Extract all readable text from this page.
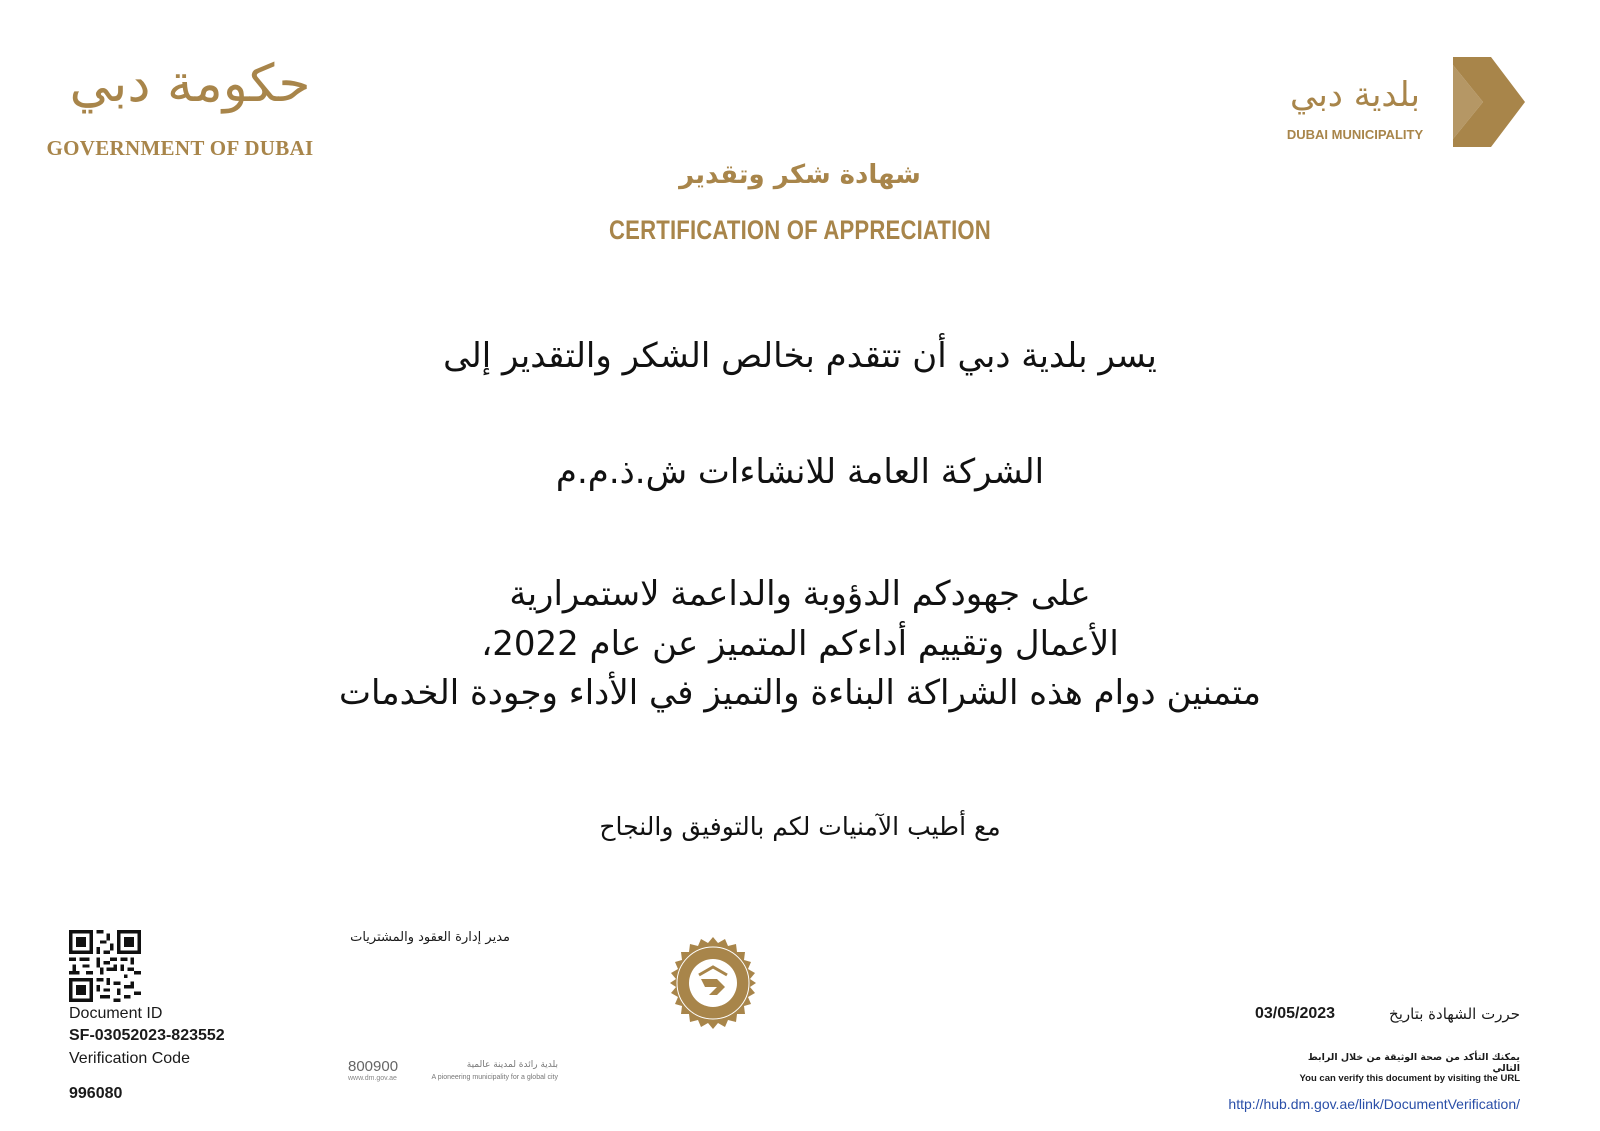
حكومة دبي
GOVERNMENT OF DUBAI
بلدية دبي
DUBAI MUNICIPALITY
شهادة شكر وتقدير
CERTIFICATION OF APPRECIATION
يسر بلدية دبي أن تتقدم بخالص الشكر والتقدير إلى
الشركة العامة للانشاءات ش.ذ.م.م
على جهودكم الدؤوبة والداعمة لاستمرارية
الأعمال وتقييم أداءكم المتميز عن عام 2022،
متمنين دوام هذه الشراكة البناءة والتميز في الأداء وجودة الخدمات
مع أطيب الآمنيات لكم بالتوفيق والنجاح
Document ID
SF-03052023-823552
Verification Code
996080
مدير إدارة العقود والمشتريات
800900
www.dm.gov.ae
بلدية رائدة لمدينة عالمية
A pioneering municipality for a global city
حررت الشهادة بتاريخ
03/05/2023
يمكنك التأكد من صحة الوثيقة من خلال الرابط التالي
You can verify this document by visiting the URL
http://hub.dm.gov.ae/link/DocumentVerification/
